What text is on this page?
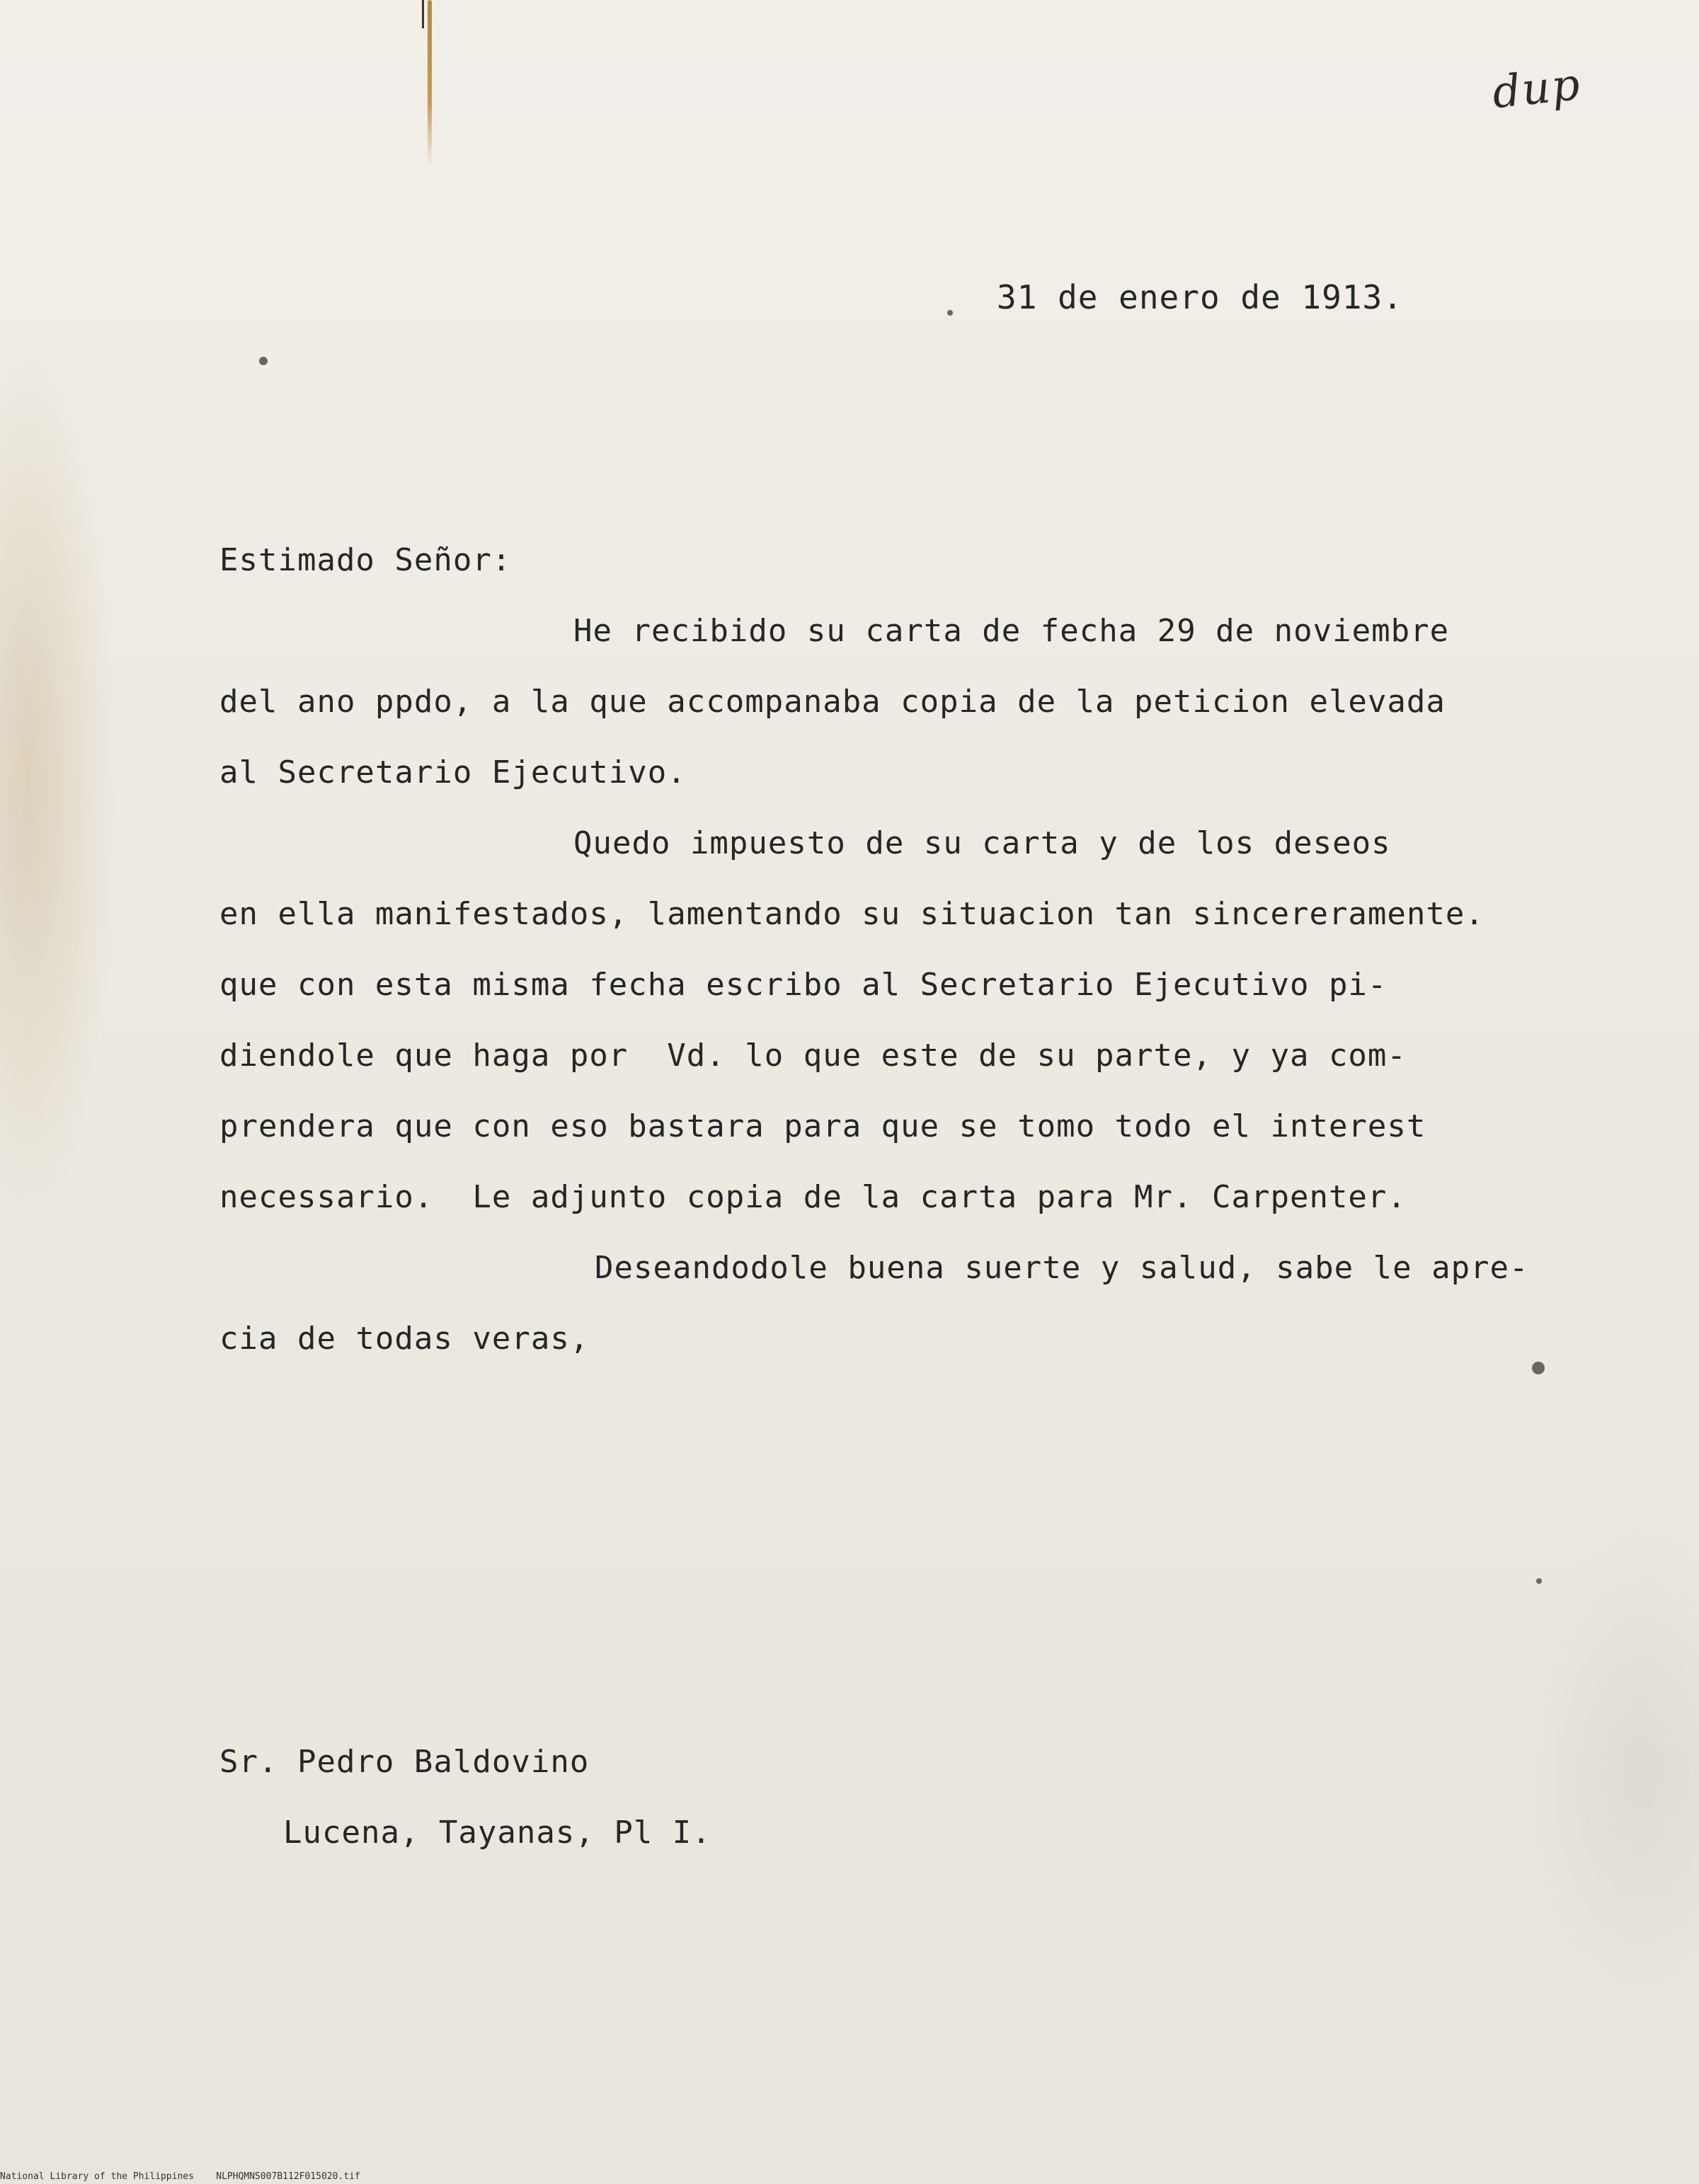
dup
31 de enero de 1913.
Estimado Señor:
He recibido su carta de fecha 29 de noviembre
del ano ppdo, a la que accompanaba copia de la peticion elevada
al Secretario Ejecutivo.
Quedo impuesto de su carta y de los deseos
en ella manifestados, lamentando su situacion tan sincereramente.
que con esta misma fecha escribo al Secretario Ejecutivo pi-
diendole que haga por  Vd. lo que este de su parte, y ya com-
prendera que con eso bastara para que se tomo todo el interest
necessario.  Le adjunto copia de la carta para Mr. Carpenter.
Deseandodole buena suerte y salud, sabe le apre-
cia de todas veras,
Sr. Pedro Baldovino
Lucena, Tayanas, Pl I.
National Library of the Philippines NLPHQMNS007B112F015020.tif
